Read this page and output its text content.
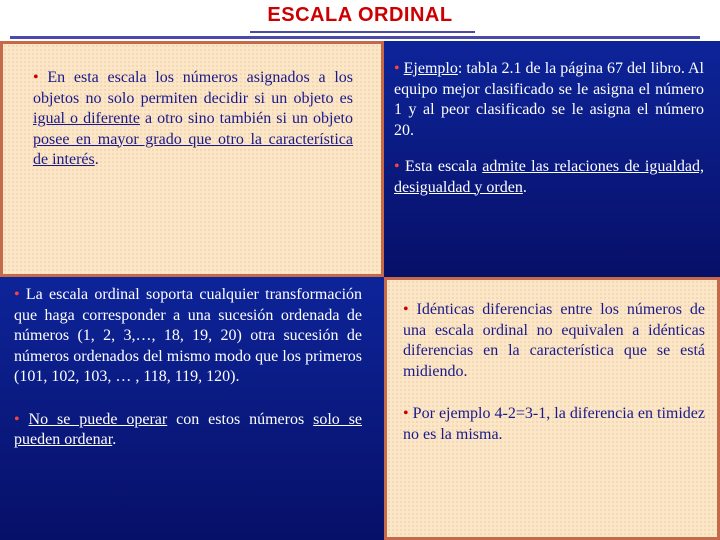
ESCALA ORDINAL

• En esta escala los números asignados a los objetos no solo permiten decidir si un objeto es igual o diferente a otro sino también si un objeto posee en mayor grado que otro la característica de interés.

• Ejemplo: tabla 2.1 de la página 67 del libro. Al equipo mejor clasificado se le asigna el número 1 y al peor clasificado se le asigna el número 20.

• Esta escala admite las relaciones de igualdad, desigualdad y orden.

• La escala ordinal soporta cualquier transformación que haga corresponder a una sucesión ordenada de números (1, 2, 3,…, 18, 19, 20) otra sucesión de números ordenados del mismo modo que los primeros (101, 102, 103, … , 118, 119, 120).

• No se puede operar con estos números solo se pueden ordenar.

• Idénticas diferencias entre los números de una escala ordinal no equivalen a idénticas diferencias en la característica que se está midiendo.

• Por ejemplo 4-2=3-1, la diferencia en timidez no es la misma.
